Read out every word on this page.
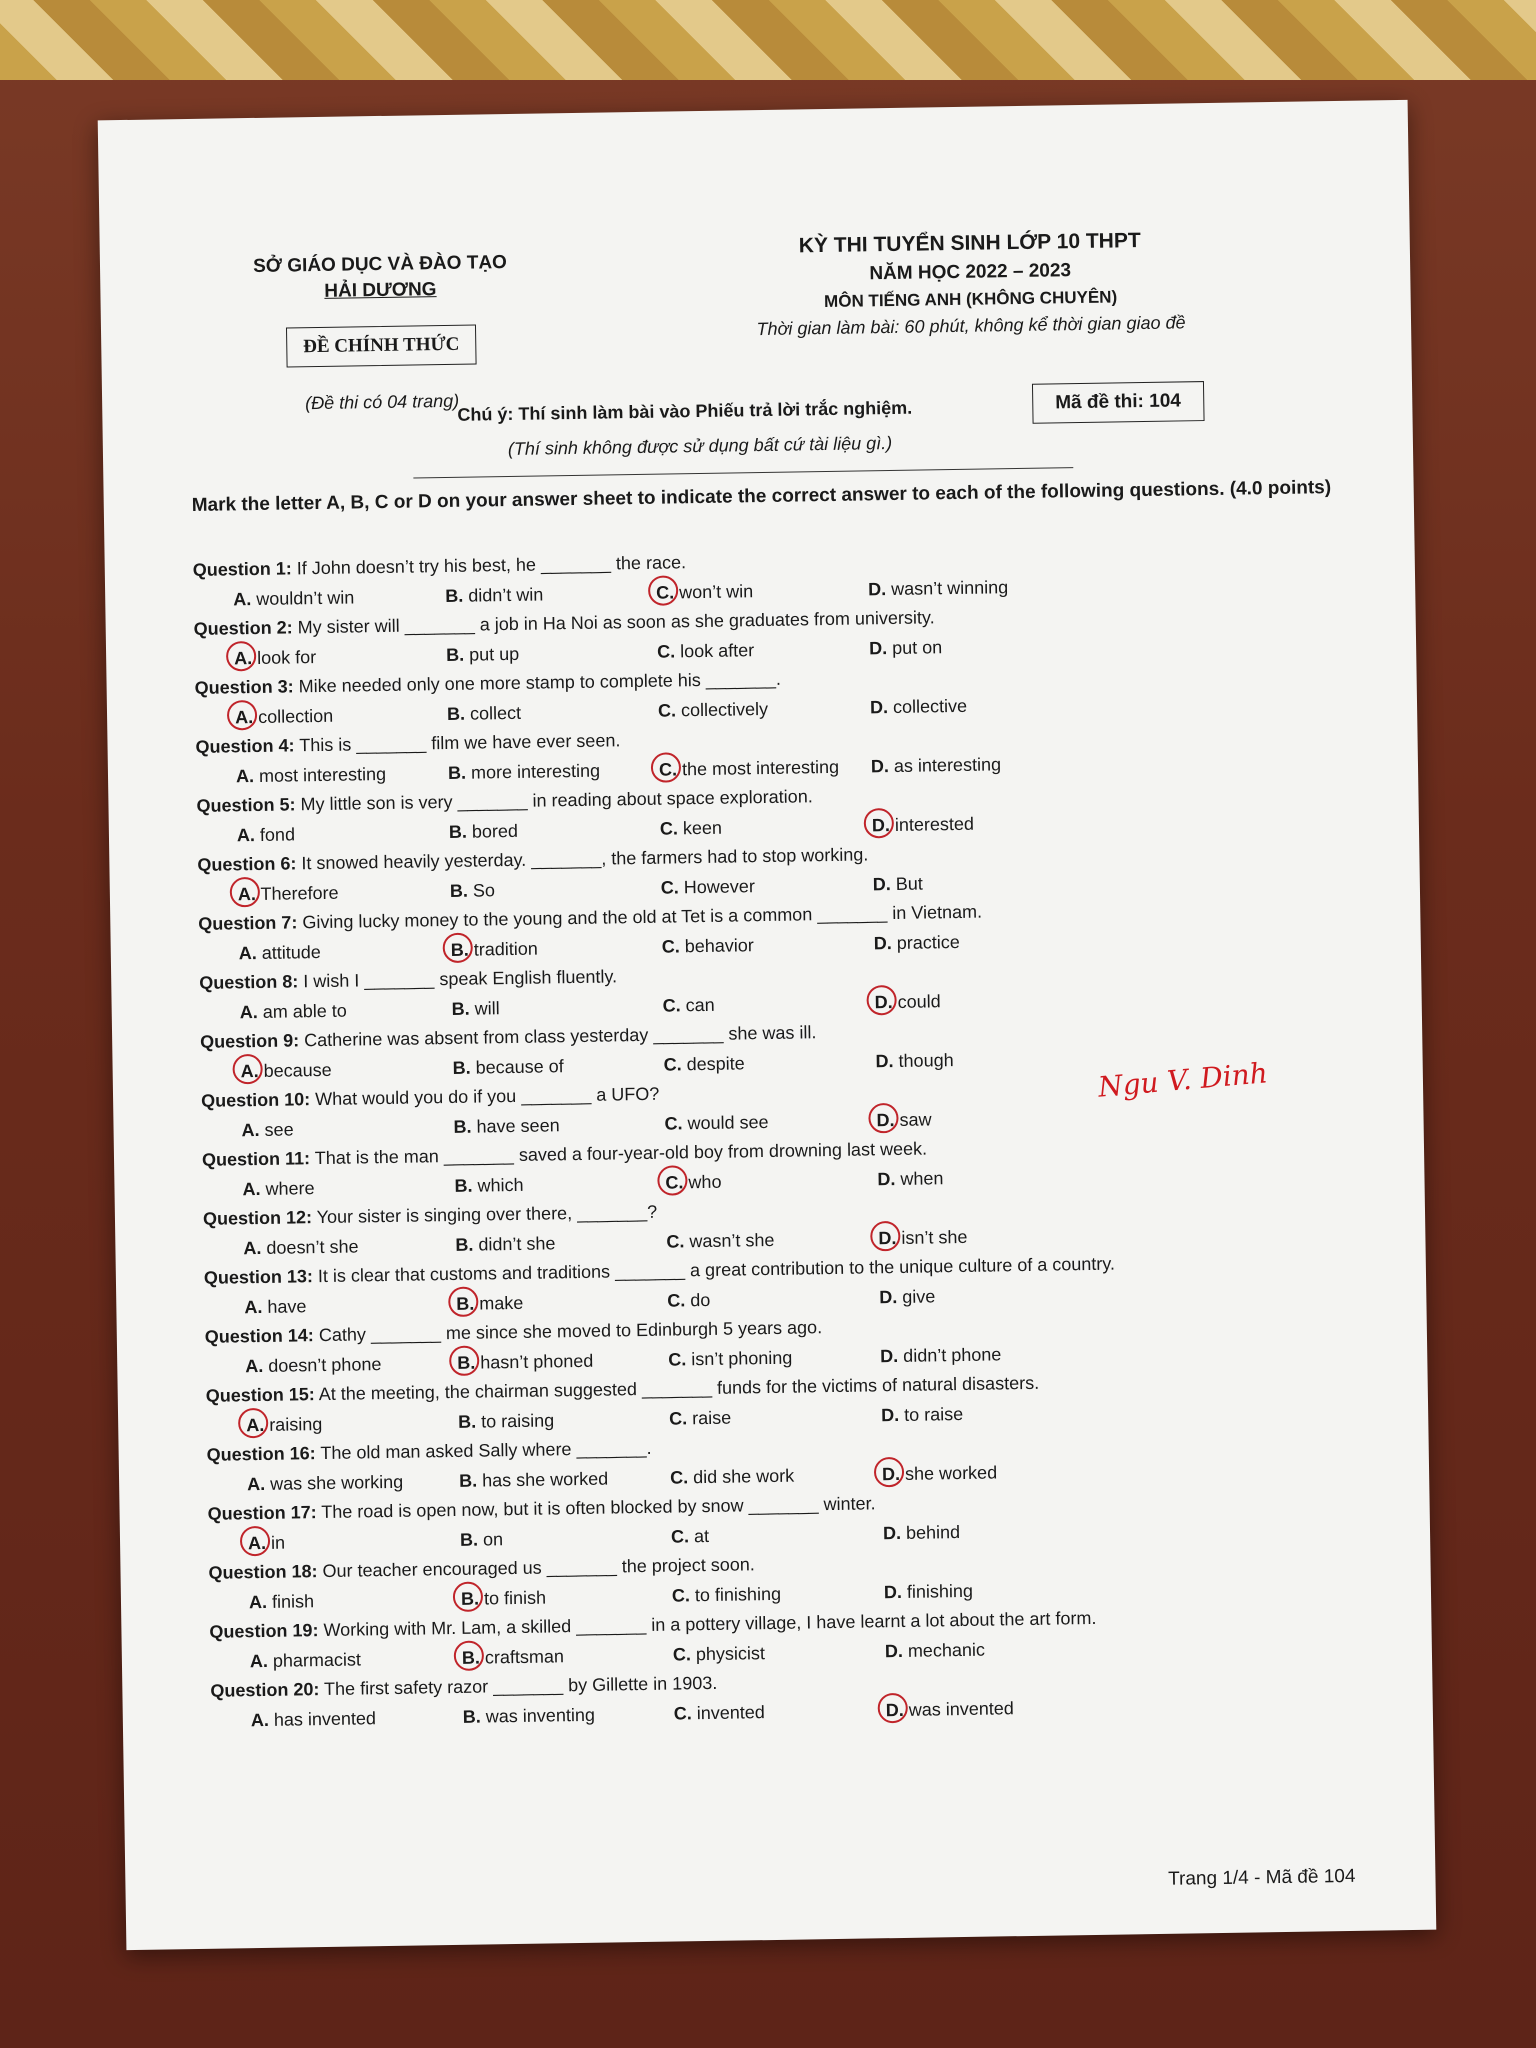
SỞ GIÁO DỤC VÀ ĐÀO TẠO
HẢI DƯƠNG
ĐỀ CHÍNH THỨC
(Đề thi có 04 trang)
KỲ THI TUYỂN SINH LỚP 10 THPT
NĂM HỌC 2022 – 2023
MÔN TIẾNG ANH (KHÔNG CHUYÊN)
Thời gian làm bài: 60 phút, không kể thời gian giao đề
Chú ý: Thí sinh làm bài vào Phiếu trả lời trắc nghiệm.	Mã đề thi: 104
(Thí sinh không được sử dụng bất cứ tài liệu gì.)
Mark the letter A, B, C or D on your answer sheet to indicate the correct answer to each of the following questions. (4.0 points)
Question 1: If John doesn’t try his best, he _______ the race.
A. wouldn’t win	B. didn’t win	C. won’t win	D. wasn’t winning
Question 2: My sister will _______ a job in Ha Noi as soon as she graduates from university.
A. look for	B. put up	C. look after	D. put on
Question 3: Mike needed only one more stamp to complete his _______.
A. collection	B. collect	C. collectively	D. collective
Question 4: This is _______ film we have ever seen.
A. most interesting	B. more interesting	C. the most interesting D. as interesting
Question 5: My little son is very _______ in reading about space exploration.
A. fond	B. bored	C. keen	D. interested
Question 6: It snowed heavily yesterday. _______, the farmers had to stop working.
A. Therefore	B. So	C. However	D. But
Question 7: Giving lucky money to the young and the old at Tet is a common _______ in Vietnam.
A. attitude	B. tradition	C. behavior	D. practice
Question 8: I wish I _______ speak English fluently.
A. am able to	B. will	C. can	D. could
Question 9: Catherine was absent from class yesterday _______ she was ill.
A. because	B. because of	C. despite	D. though
Question 10: What would you do if you _______ a UFO?
A. see	B. have seen	C. would see	D. saw
Question 11: That is the man _______ saved a four-year-old boy from drowning last week.
A. where	B. which	C. who	D. when
Question 12: Your sister is singing over there, _______?
A. doesn’t she	B. didn’t she	C. wasn’t she	D. isn’t she
Question 13: It is clear that customs and traditions _______ a great contribution to the unique culture of a country.
A. have	B. make	C. do	D. give
Question 14: Cathy _______ me since she moved to Edinburgh 5 years ago.
A. doesn’t phone	B. hasn’t phoned	C. isn’t phoning	D. didn’t phone
Question 15: At the meeting, the chairman suggested _______ funds for the victims of natural disasters.
A. raising	B. to raising	C. raise	D. to raise
Question 16: The old man asked Sally where _______.
A. was she working	B. has she worked	C. did she work	D. she worked
Question 17: The road is open now, but it is often blocked by snow _______ winter.
A. in	B. on	C. at	D. behind
Question 18: Our teacher encouraged us _______ the project soon.
A. finish	B. to finish	C. to finishing	D. finishing
Question 19: Working with Mr. Lam, a skilled _______ in a pottery village, I have learnt a lot about the art form.
A. pharmacist	B. craftsman	C. physicist	D. mechanic
Question 20: The first safety razor _______ by Gillette in 1903.
A. has invented	B. was inventing	C. invented	D. was invented
Ngu V. Dinh
Trang 1/4 - Mã đề 104
